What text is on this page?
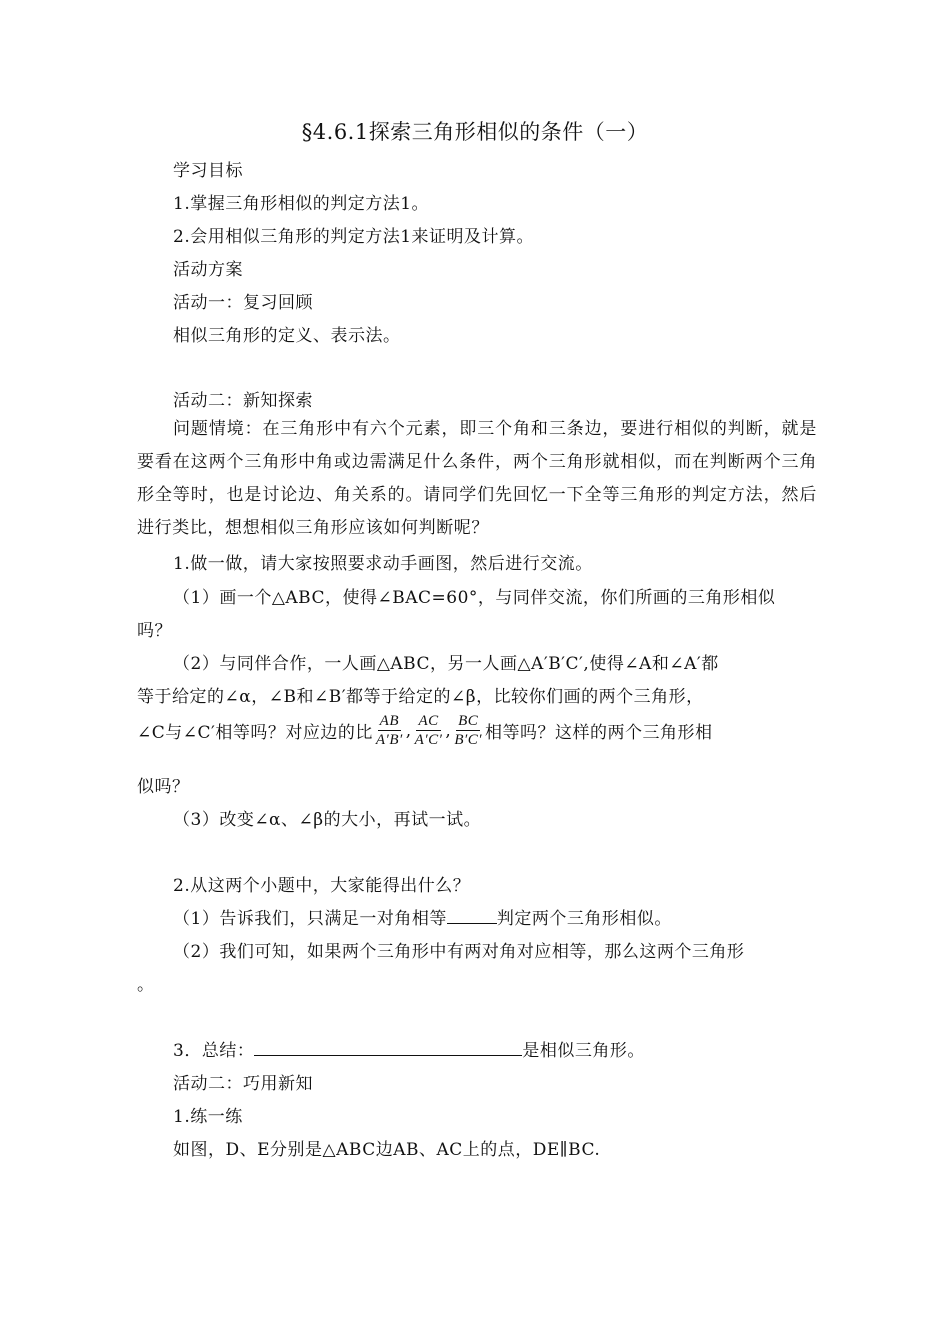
§4.6.1探索三角形相似的条件（一）
学习目标
1.掌握三角形相似的判定方法1。
2.会用相似三角形的判定方法1来证明及计算。
活动方案
活动一：复习回顾
相似三角形的定义、表示法。
活动二：新知探索
问题情境：在三角形中有六个元素，即三个角和三条边，要进行相似的判断，就是要看在这两个三角形中角或边需满足什么条件，两个三角形就相似，而在判断两个三角形全等时，也是讨论边、角关系的。请同学们先回忆一下全等三角形的判定方法，然后进行类比，想想相似三角形应该如何判断呢？
1.做一做，请大家按照要求动手画图，然后进行交流。
（1）画一个△ABC，使得∠BAC=60°，与同伴交流，你们所画的三角形相似
吗？
（2）与同伴合作，一人画△ABC，另一人画△A′B′C′,使得∠A和∠A′都
等于给定的∠α，∠B和∠B′都等于给定的∠β，比较你们画的两个三角形，
∠C与∠C′相等吗？对应边的比 $\frac{AB}{A'B'}$ , $\frac{AC}{A'C'}$ , $\frac{BC}{B'C'}$ 相等吗？这样的两个三角形相
似吗？
（3）改变∠α、∠β的大小，再试一试。
2.从这两个小题中，大家能得出什么？
（1）告诉我们，只满足一对角相等	判定两个三角形相似。
（2）我们可知，如果两个三角形中有两对角对应相等，那么这两个三角形
。
3．总结：	是相似三角形。
活动二：巧用新知
1.练一练
如图，D、E分别是△ABC边AB、AC上的点，DE∥BC.
